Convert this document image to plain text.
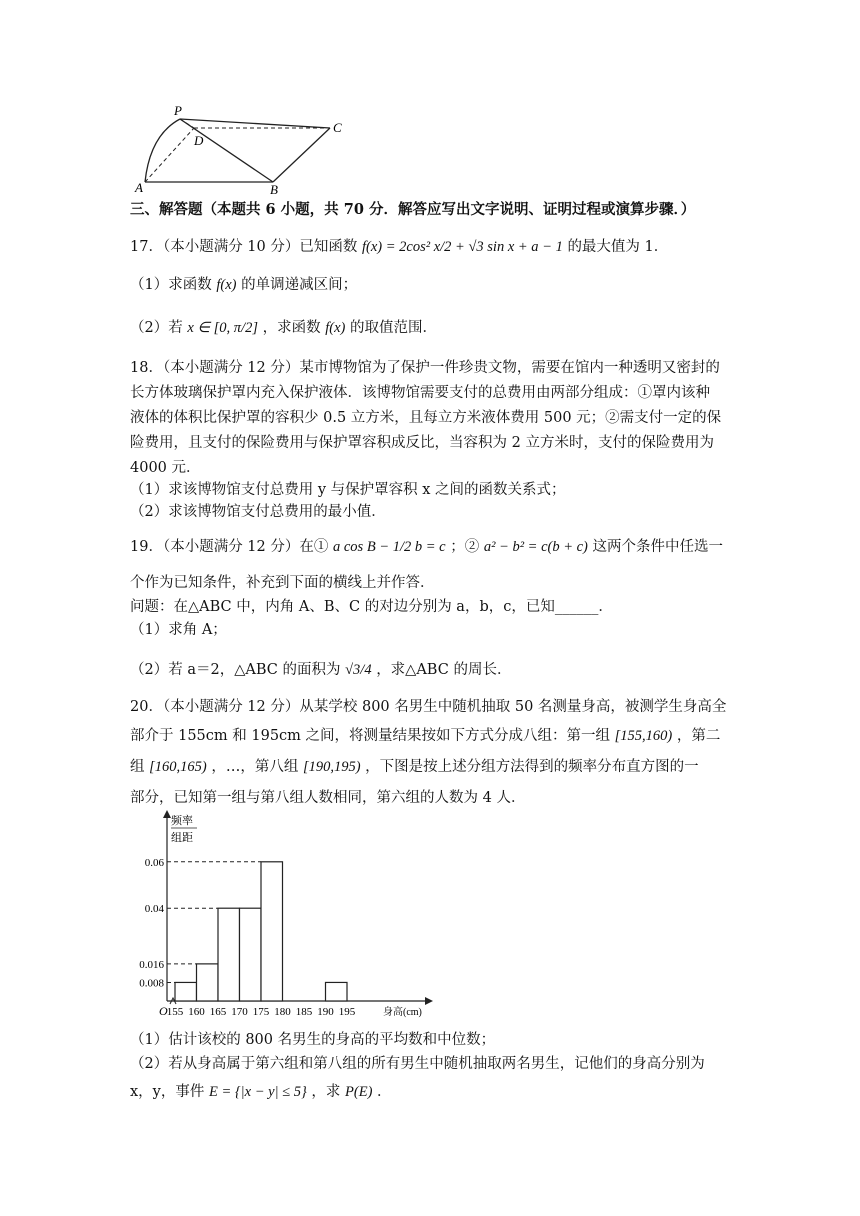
P
D
C
A	B
三、解答题（本题共 6 小题，共 70 分．解答应写出文字说明、证明过程或演算步骤．）
17．（本小题满分 10 分）已知函数 f(x) = 2cos² x/2 + √3 sin x + a − 1 的最大值为 1．
（1）求函数 f(x) 的单调递减区间；
（2）若 x ∈ [0, π/2] ，求函数 f(x) 的取值范围．
18．（本小题满分 12 分）某市博物馆为了保护一件珍贵文物，需要在馆内一种透明又密封的
长方体玻璃保护罩内充入保护液体．该博物馆需要支付的总费用由两部分组成：①罩内该种
液体的体积比保护罩的容积少 0.5 立方米，且每立方米液体费用 500 元；②需支付一定的保
险费用，且支付的保险费用与保护罩容积成反比，当容积为 2 立方米时，支付的保险费用为
4000 元．
（1）求该博物馆支付总费用 y 与保护罩容积 x 之间的函数关系式；
（2）求该博物馆支付总费用的最小值．
19．（本小题满分 12 分）在① a cos B − 1/2 b = c ；② a² − b² = c(b + c) 这两个条件中任选一
个作为已知条件，补充到下面的横线上并作答．
问题：在△ABC 中，内角 A、B、C 的对边分别为 a，b，c，已知______．
（1）求角 A；
（2）若 a＝2，△ABC 的面积为 √3/4 ，求△ABC 的周长．
20．（本小题满分 12 分）从某学校 800 名男生中随机抽取 50 名测量身高，被测学生身高全
部介于 155cm 和 195cm 之间，将测量结果按如下方式分成八组：第一组 [155,160) ，第二
组 [160,165) ，…，第八组 [190,195) ，下图是按上述分组方法得到的频率分布直方图的一
部分，已知第一组与第八组人数相同，第六组的人数为 4 人．
频率
组距
0.06
0.04
0.016
0.008
155 160 165 170 175 180 185 190 195	身高(cm)
O
（1）估计该校的 800 名男生的身高的平均数和中位数；
（2）若从身高属于第六组和第八组的所有男生中随机抽取两名男生，记他们的身高分别为
x，y，事件 E = {|x − y| ≤ 5} ，求 P(E) ．
